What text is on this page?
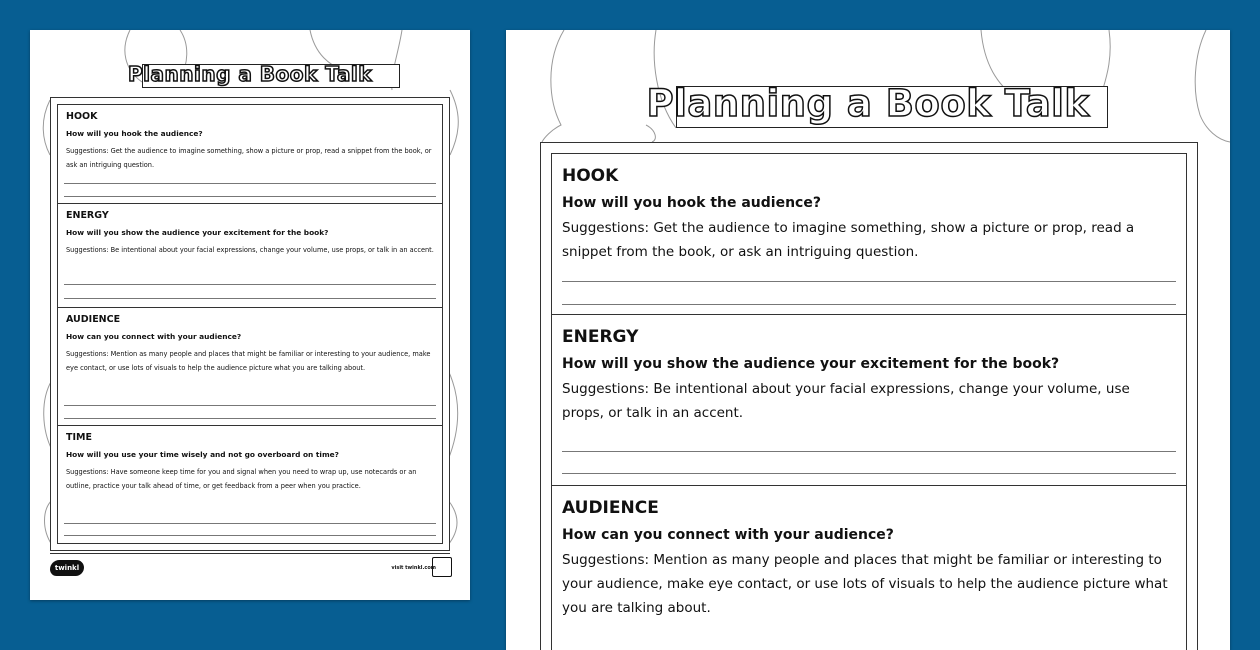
Planning a Book Talk
HOOK
How will you hook the audience?
Suggestions: Get the audience to imagine something, show a picture or prop, read a snippet from the book, or ask an intriguing question.
ENERGY
How will you show the audience your excitement for the book?
Suggestions: Be intentional about your facial expressions, change your volume, use props, or talk in an accent.
AUDIENCE
How can you connect with your audience?
Suggestions: Mention as many people and places that might be familiar or interesting to your audience, make eye contact, or use lots of visuals to help the audience picture what you are talking about.
TIME
How will you use your time wisely and not go overboard on time?
Suggestions: Have someone keep time for you and signal when you need to wrap up, use notecards or an outline, practice your talk ahead of time, or get feedback from a peer when you practice.
twinkl	visit twinkl.com
Planning a Book Talk
HOOK
How will you hook the audience?
Suggestions: Get the audience to imagine something, show a picture or prop, read a snippet from the book, or ask an intriguing question.
ENERGY
How will you show the audience your excitement for the book?
Suggestions: Be intentional about your facial expressions, change your volume, use props, or talk in an accent.
AUDIENCE
How can you connect with your audience?
Suggestions: Mention as many people and places that might be familiar or interesting to your audience, make eye contact, or use lots of visuals to help the audience picture what you are talking about.
